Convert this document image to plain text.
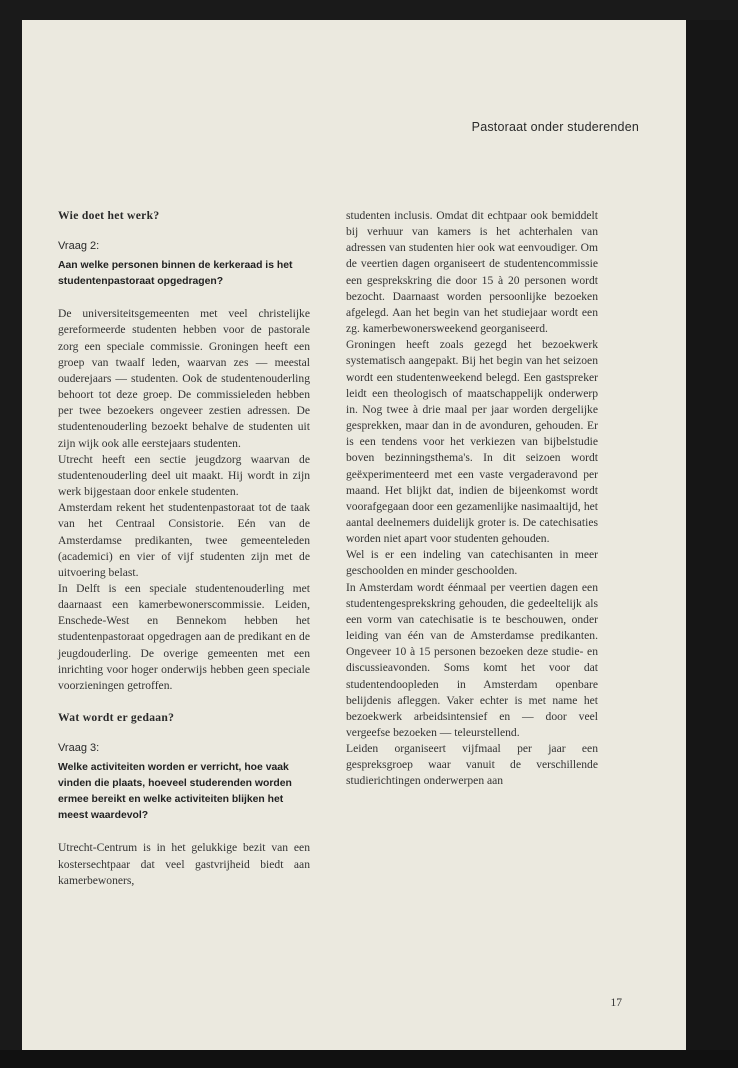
Pastoraat onder studerenden
Wie doet het werk?
Vraag 2:
Aan welke personen binnen de kerkeraad is het studentenpastoraat opgedragen?

De universiteitsgemeenten met veel christelijke gereformeerde studenten hebben voor de pastorale zorg een speciale commissie. Groningen heeft een groep van twaalf leden, waarvan zes — meestal ouderejaars — studenten. Ook de studentenouderling behoort tot deze groep. De commissieleden hebben per twee bezoekers ongeveer zestien adressen. De studentenouderling bezoekt behalve de studenten uit zijn wijk ook alle eerstejaars studenten.

Utrecht heeft een sectie jeugdzorg waarvan de studentenouderling deel uit maakt. Hij wordt in zijn werk bijgestaan door enkele studenten.

Amsterdam rekent het studentenpastoraat tot de taak van het Centraal Consistorie. Eén van de Amsterdamse predikanten, twee gemeenteleden (academici) en vier of vijf studenten zijn met de uitvoering belast.

In Delft is een speciale studentenouderling met daarnaast een kamerbewonerscommissie. Leiden, Enschede-West en Bennekom hebben het studentenpastoraat opgedragen aan de predikant en de jeugdouderling. De overige gemeenten met een inrichting voor hoger onderwijs hebben geen speciale voorzieningen getroffen.

Wat wordt er gedaan?
Vraag 3:
Welke activiteiten worden er verricht, hoe vaak vinden die plaats, hoeveel studerenden worden ermee bereikt en welke activiteiten blijken het meest waardevol?

Utrecht-Centrum is in het gelukkige bezit van een kostersechtpaar dat veel gastvrijheid biedt aan kamerbewoners,

studenten inclusis. Omdat dit echtpaar ook bemiddelt bij verhuur van kamers is het achterhalen van adressen van studenten hier ook wat eenvoudiger. Om de veertien dagen organiseert de studentencommissie een gesprekskring die door 15 à 20 personen wordt bezocht. Daarnaast worden persoonlijke bezoeken afgelegd. Aan het begin van het studiejaar wordt een zg. kamerbewonersweekend georganiseerd.

Groningen heeft zoals gezegd het bezoekwerk systematisch aangepakt. Bij het begin van het seizoen wordt een studentenweekend belegd. Een gastspreker leidt een theologisch of maatschappelijk onderwerp in. Nog twee à drie maal per jaar worden dergelijke gesprekken, maar dan in de avonduren, gehouden. Er is een tendens voor het verkiezen van bijbelstudie boven bezinningsthema's. In dit seizoen wordt geëxperimenteerd met een vaste vergaderavond per maand. Het blijkt dat, indien de bijeenkomst wordt voorafgegaan door een gezamenlijke nasimaaltijd, het aantal deelnemers duidelijk groter is. De catechisaties worden niet apart voor studenten gehouden.

Wel is er een indeling van catechisanten in meer geschoolden en minder geschoolden.

In Amsterdam wordt éénmaal per veertien dagen een studentengesprekskring gehouden, die gedeeltelijk als een vorm van catechisatie is te beschouwen, onder leiding van één van de Amsterdamse predikanten. Ongeveer 10 à 15 personen bezoeken deze studie- en discussieavonden. Soms komt het voor dat studentendoopleden in Amsterdam openbare belijdenis afleggen. Vaker echter is met name het bezoekwerk arbeidsintensief en — door veel vergeefse bezoeken — teleurstellend.

Leiden organiseert vijfmaal per jaar een gespreksgroep waar vanuit de verschillende studierichtingen onderwerpen aan

17
